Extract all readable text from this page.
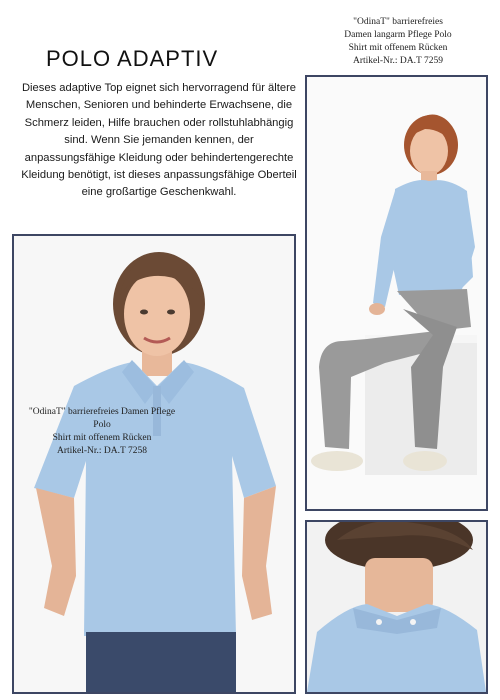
POLO ADAPTIV

Dieses adaptive Top eignet sich hervorragend für ältere Menschen, Senioren und behinderte Erwachsene, die Schmerz leiden, Hilfe brauchen oder rollstuhlabhängig sind. Wenn Sie jemanden kennen, der anpassungsfähige Kleidung oder behindertengerechte Kleidung benötigt, ist dieses anpassungsfähige Oberteil eine großartige Geschenkwahl.

"OdinaT" barrierefreies
Damen langarm Pflege Polo
Shirt mit offenem Rücken
Artikel-Nr.: DA.T 7259
"OdinaT" barrierefreies Damen Pflege Polo
Shirt mit offenem Rücken
Artikel-Nr.: DA.T 7258
